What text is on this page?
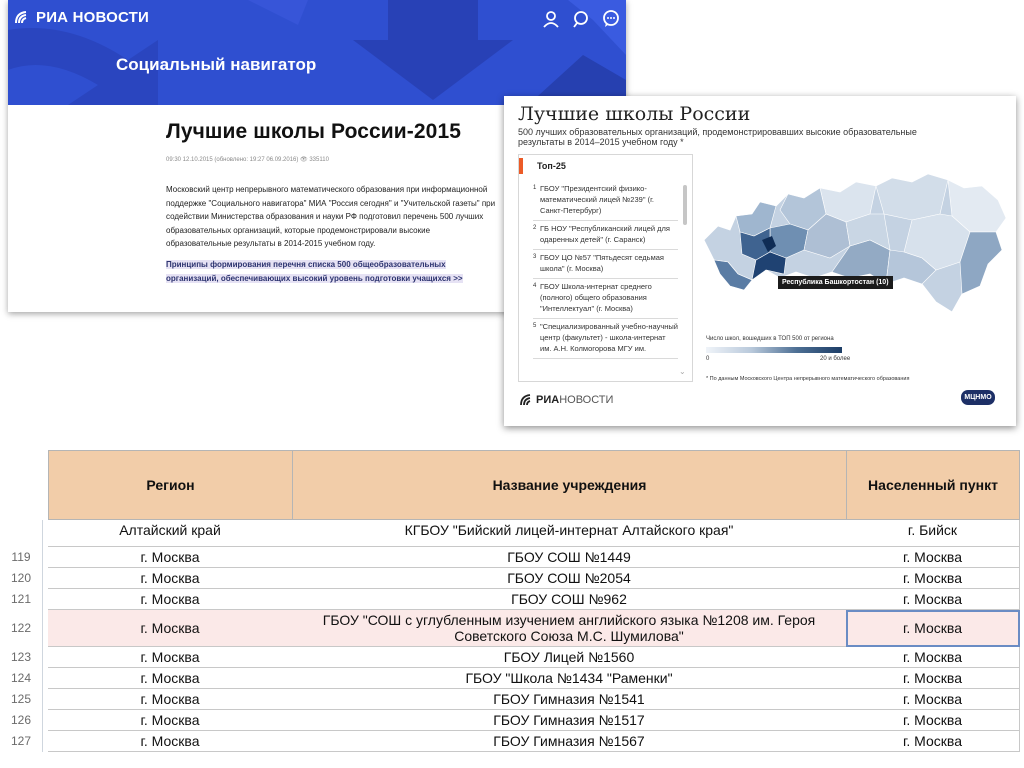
РИА НОВОСТИ
Социальный навигатор
Лучшие школы России-2015
09:30 12.10.2015 (обновлено: 19:27 06.09.2016) 👁 335110

Московский центр непрерывного математического образования при информационной поддержке "Социального навигатора" МИА "Россия сегодня" и "Учительской газеты" при содействии Министерства образования и науки РФ подготовил перечень 500 лучших образовательных организаций, которые продемонстрировали высокие образовательные результаты в 2014-2015 учебном году.

Принципы формирования перечня списка 500 общеобразовательных организаций, обеспечивающих высокий уровень подготовки учащихся >>
Лучшие школы России
500 лучших образовательных организаций, продемонстрировавших высокие образовательные результаты в 2014–2015 учебном году *
Топ-25
1 ГБОУ "Президентский физико-математический лицей №239" (г. Санкт-Петербург)
2 ГБ НОУ "Республиканский лицей для одаренных детей" (г. Саранск)
3 ГБОУ ЦО №57 "Пятьдесят седьмая школа" (г. Москва)
4 ГБОУ Школа-интернат среднего (полного) общего образования "Интеллектуал" (г. Москва)
5 "Специализированный учебно-научный центр (факультет) - школа-интернат им. А.Н. Колмогорова МГУ им.
⌄
Республика Башкортостан (10)
Число школ, вошедших в ТОП 500 от региона
0	20 и более
* По данным Московского Центра непрерывного математического образования
РИА НОВОСТИ	МЦНМО
Регион	Название учреждения	Населенный пункт
Алтайский край	КГБОУ "Бийский лицей-интернат Алтайского края"	г. Бийск
119	г. Москва	ГБОУ СОШ №1449	г. Москва
120	г. Москва	ГБОУ СОШ №2054	г. Москва
121	г. Москва	ГБОУ СОШ №962	г. Москва
122	г. Москва	ГБОУ "СОШ с углубленным изучением английского языка №1208 им. Героя Советского Союза М.С. Шумилова"	г. Москва
123	г. Москва	ГБОУ Лицей №1560	г. Москва
124	г. Москва	ГБОУ "Школа №1434 "Раменки"	г. Москва
125	г. Москва	ГБОУ Гимназия №1541	г. Москва
126	г. Москва	ГБОУ Гимназия №1517	г. Москва
127	г. Москва	ГБОУ Гимназия №1567	г. Москва
